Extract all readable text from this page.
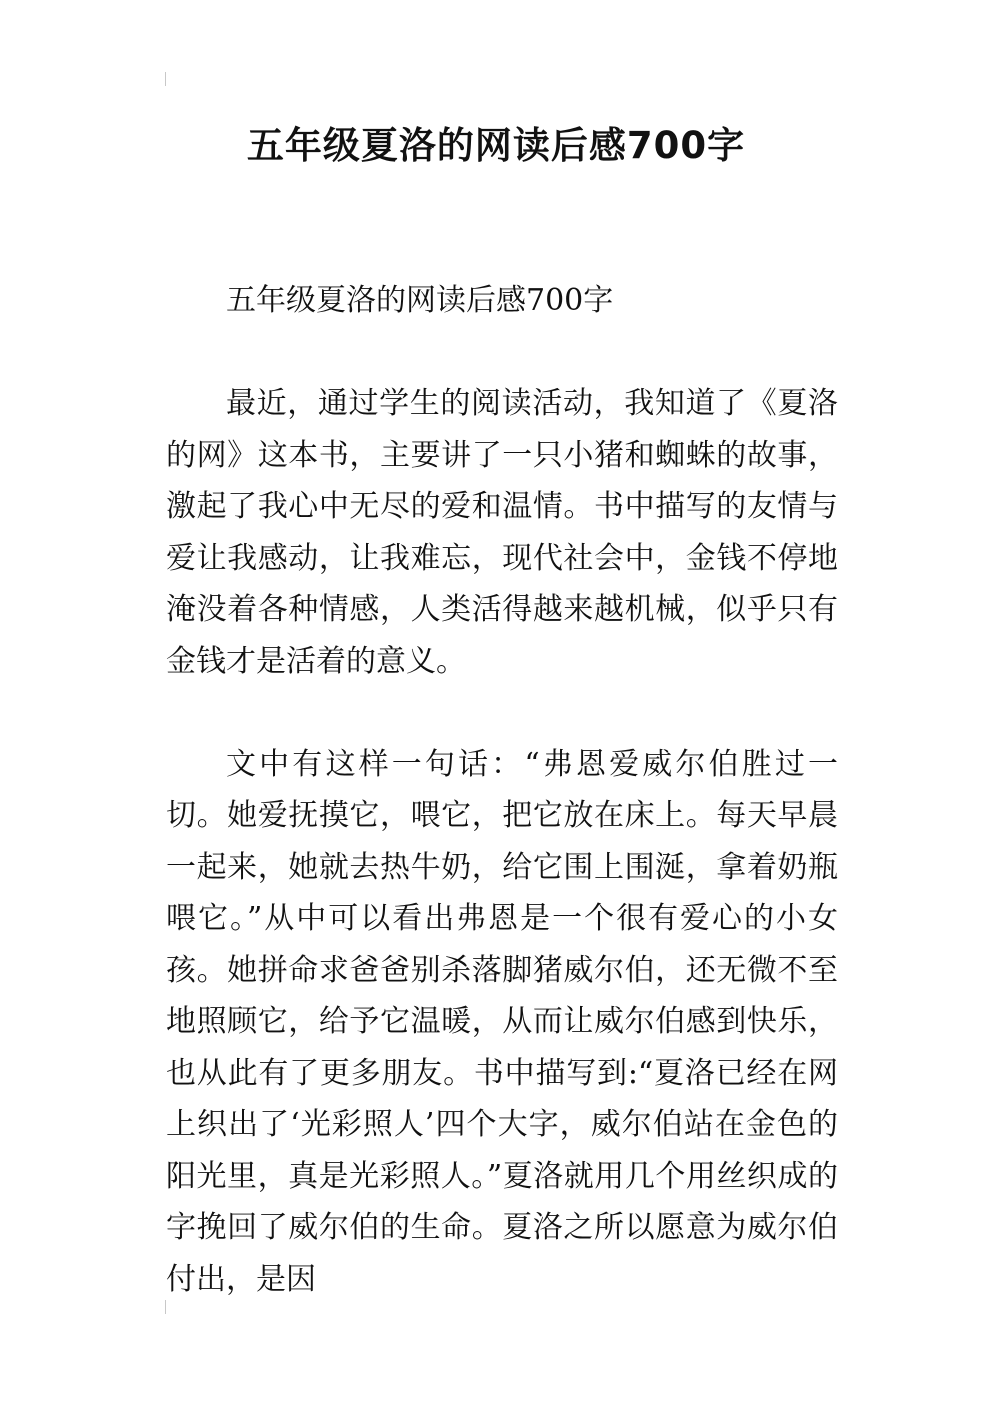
五年级夏洛的网读后感700字

五年级夏洛的网读后感700字

最近，通过学生的阅读活动，我知道了《夏洛的网》这本书，主要讲了一只小猪和蜘蛛的故事，激起了我心中无尽的爱和温情。书中描写的友情与爱让我感动，让我难忘，现代社会中，金钱不停地淹没着各种情感，人类活得越来越机械，似乎只有金钱才是活着的意义。

文中有这样一句话：“弗恩爱威尔伯胜过一切。她爱抚摸它，喂它，把它放在床上。每天早晨一起来，她就去热牛奶，给它围上围涎，拿着奶瓶喂它。”从中可以看出弗恩是一个很有爱心的小女孩。她拼命求爸爸别杀落脚猪威尔伯，还无微不至地照顾它，给予它温暖，从而让威尔伯感到快乐，也从此有了更多朋友。书中描写到:“夏洛已经在网上织出了‘光彩照人’四个大字，威尔伯站在金色的阳光里，真是光彩照人。”夏洛就用几个用丝织成的字挽回了威尔伯的生命。夏洛之所以愿意为威尔伯付出，是因
